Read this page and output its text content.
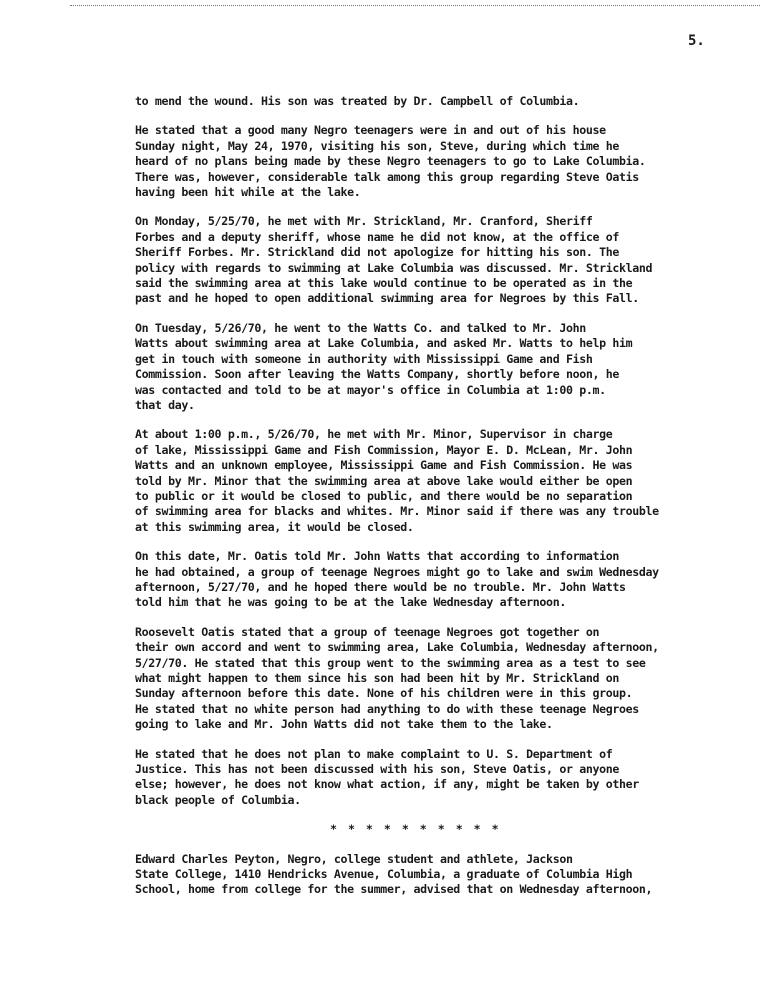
5.
to mend the wound. His son was treated by Dr. Campbell of Columbia.
He stated that a good many Negro teenagers were in and out of his house
Sunday night, May 24, 1970, visiting his son, Steve, during which time he
heard of no plans being made by these Negro teenagers to go to Lake Columbia.
There was, however, considerable talk among this group regarding Steve Oatis
having been hit while at the lake.
On Monday, 5/25/70, he met with Mr. Strickland, Mr. Cranford, Sheriff
Forbes and a deputy sheriff, whose name he did not know, at the office of
Sheriff Forbes. Mr. Strickland did not apologize for hitting his son. The
policy with regards to swimming at Lake Columbia was discussed. Mr. Strickland
said the swimming area at this lake would continue to be operated as in the
past and he hoped to open additional swimming area for Negroes by this Fall.
On Tuesday, 5/26/70, he went to the Watts Co. and talked to Mr. John
Watts about swimming area at Lake Columbia, and asked Mr. Watts to help him
get in touch with someone in authority with Mississippi Game and Fish
Commission. Soon after leaving the Watts Company, shortly before noon, he
was contacted and told to be at mayor's office in Columbia at 1:00 p.m.
that day.
At about 1:00 p.m., 5/26/70, he met with Mr. Minor, Supervisor in charge
of lake, Mississippi Game and Fish Commission, Mayor E. D. McLean, Mr. John
Watts and an unknown employee, Mississippi Game and Fish Commission. He was
told by Mr. Minor that the swimming area at above lake would either be open
to public or it would be closed to public, and there would be no separation
of swimming area for blacks and whites. Mr. Minor said if there was any trouble
at this swimming area, it would be closed.
On this date, Mr. Oatis told Mr. John Watts that according to information
he had obtained, a group of teenage Negroes might go to lake and swim Wednesday
afternoon, 5/27/70, and he hoped there would be no trouble. Mr. John Watts
told him that he was going to be at the lake Wednesday afternoon.
Roosevelt Oatis stated that a group of teenage Negroes got together on
their own accord and went to swimming area, Lake Columbia, Wednesday afternoon,
5/27/70. He stated that this group went to the swimming area as a test to see
what might happen to them since his son had been hit by Mr. Strickland on
Sunday afternoon before this date. None of his children were in this group.
He stated that no white person had anything to do with these teenage Negroes
going to lake and Mr. John Watts did not take them to the lake.
He stated that he does not plan to make complaint to U. S. Department of
Justice. This has not been discussed with his son, Steve Oatis, or anyone
else; however, he does not know what action, if any, might be taken by other
black people of Columbia.
* * * * * * * * * *
Edward Charles Peyton, Negro, college student and athlete, Jackson
State College, 1410 Hendricks Avenue, Columbia, a graduate of Columbia High
School, home from college for the summer, advised that on Wednesday afternoon,
